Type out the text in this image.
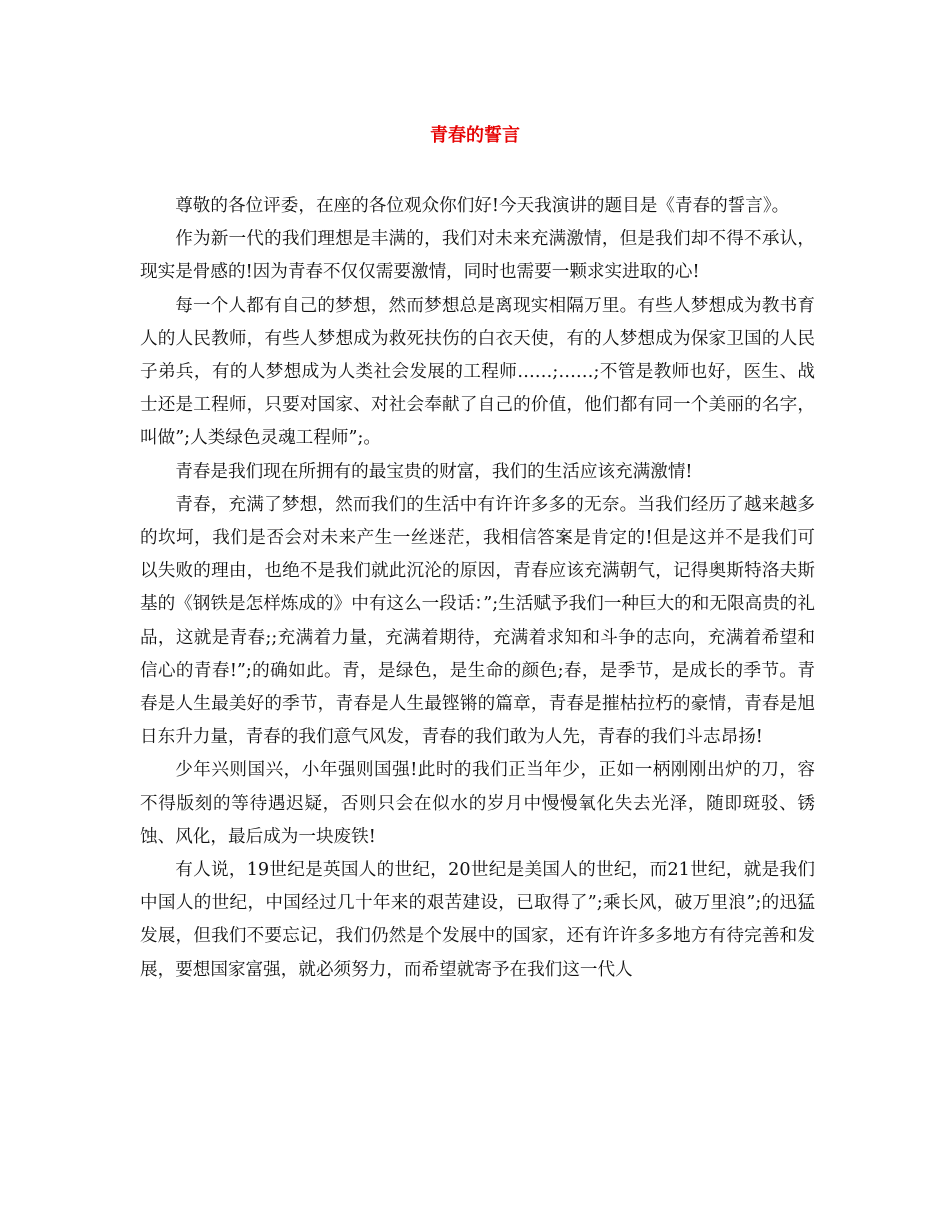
青春的誓言

尊敬的各位评委，在座的各位观众你们好!今天我演讲的题目是《青春的誓言》。

作为新一代的我们理想是丰满的，我们对未来充满激情，但是我们却不得不承认，现实是骨感的!因为青春不仅仅需要激情，同时也需要一颗求实进取的心!

每一个人都有自己的梦想，然而梦想总是离现实相隔万里。有些人梦想成为教书育人的人民教师，有些人梦想成为救死扶伤的白衣天使，有的人梦想成为保家卫国的人民子弟兵，有的人梦想成为人类社会发展的工程师……;……;不管是教师也好，医生、战士还是工程师，只要对国家、对社会奉献了自己的价值，他们都有同一个美丽的名字，叫做”;人类绿色灵魂工程师”;。

青春是我们现在所拥有的最宝贵的财富，我们的生活应该充满激情!

青春，充满了梦想，然而我们的生活中有许许多多的无奈。当我们经历了越来越多的坎坷，我们是否会对未来产生一丝迷茫，我相信答案是肯定的!但是这并不是我们可以失败的理由，也绝不是我们就此沉沦的原因，青春应该充满朝气，记得奥斯特洛夫斯基的《钢铁是怎样炼成的》中有这么一段话：”;生活赋予我们一种巨大的和无限高贵的礼品，这就是青春;;充满着力量，充满着期待，充满着求知和斗争的志向，充满着希望和信心的青春!”;的确如此。青，是绿色，是生命的颜色;春，是季节，是成长的季节。青春是人生最美好的季节，青春是人生最铿锵的篇章，青春是摧枯拉朽的豪情，青春是旭日东升力量，青春的我们意气风发，青春的我们敢为人先，青春的我们斗志昂扬!

少年兴则国兴，小年强则国强!此时的我们正当年少，正如一柄刚刚出炉的刀，容不得版刻的等待遇迟疑，否则只会在似水的岁月中慢慢氧化失去光泽，随即斑驳、锈蚀、风化，最后成为一块废铁!

有人说，19世纪是英国人的世纪，20世纪是美国人的世纪，而21世纪，就是我们中国人的世纪，中国经过几十年来的艰苦建设，已取得了”;乘长风，破万里浪”;的迅猛发展，但我们不要忘记，我们仍然是个发展中的国家，还有许许多多地方有待完善和发展，要想国家富强，就必须努力，而希望就寄予在我们这一代人
